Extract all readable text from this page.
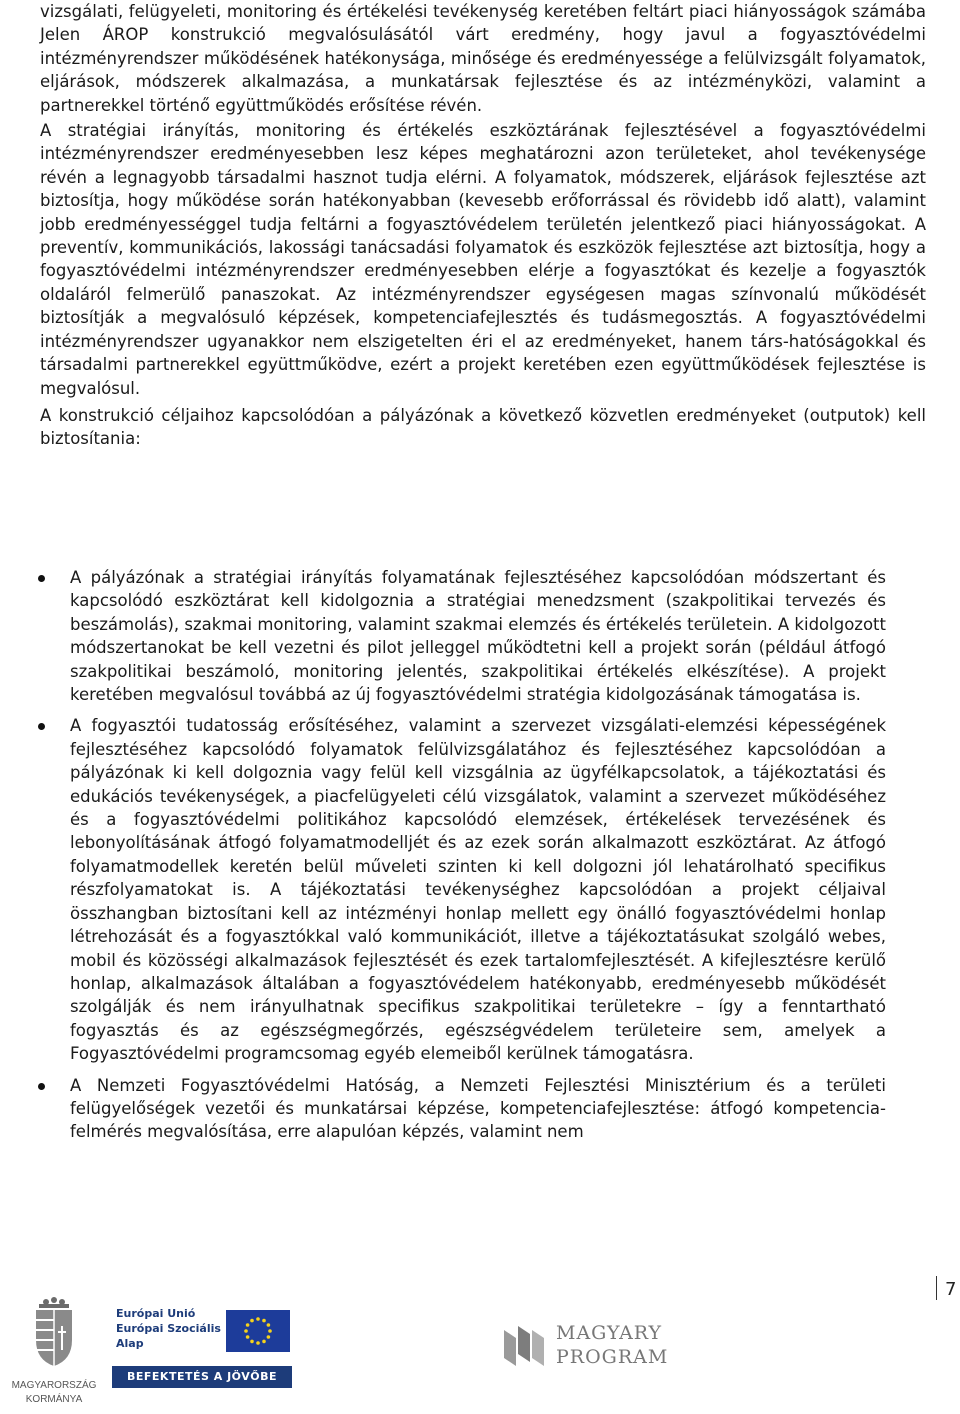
vizsgálati, felügyeleti, monitoring és értékelési tevékenység keretében feltárt piaci hiányosságok számába Jelen ÁROP konstrukció megvalósulásától várt eredmény, hogy javul a fogyasztóvédelmi intézményrendszer működésének hatékonysága, minősége és eredményessége a felülvizsgált folyamatok, eljárások, módszerek alkalmazása, a munkatársak fejlesztése és az intézményközi, valamint a partnerekkel történő együttműködés erősítése révén.

A stratégiai irányítás, monitoring és értékelés eszköztárának fejlesztésével a fogyasztóvédelmi intézményrendszer eredményesebben lesz képes meghatározni azon területeket, ahol tevékenysége révén a legnagyobb társadalmi hasznot tudja elérni. A folyamatok, módszerek, eljárások fejlesztése azt biztosítja, hogy működése során hatékonyabban (kevesebb erőforrással és rövidebb idő alatt), valamint jobb eredményességgel tudja feltárni a fogyasztóvédelem területén jelentkező piaci hiányosságokat. A preventív, kommunikációs, lakossági tanácsadási folyamatok és eszközök fejlesztése azt biztosítja, hogy a fogyasztóvédelmi intézményrendszer eredményesebben elérje a fogyasztókat és kezelje a fogyasztók oldaláról felmerülő panaszokat. Az intézményrendszer egységesen magas színvonalú működését biztosítják a megvalósuló képzések, kompetenciafejlesztés és tudásmegosztás. A fogyasztóvédelmi intézményrendszer ugyanakkor nem elszigetelten éri el az eredményeket, hanem társ-hatóságokkal és társadalmi partnerekkel együttműködve, ezért a projekt keretében ezen együttműködések fejlesztése is megvalósul.

A konstrukció céljaihoz kapcsolódóan a pályázónak a következő közvetlen eredményeket (outputok) kell biztosítania:

A pályázónak a stratégiai irányítás folyamatának fejlesztéséhez kapcsolódóan módszertant és kapcsolódó eszköztárat kell kidolgoznia a stratégiai menedzsment (szakpolitikai tervezés és beszámolás), szakmai monitoring, valamint szakmai elemzés és értékelés területein. A kidolgozott módszertanokat be kell vezetni és pilot jelleggel működtetni kell a projekt során (például átfogó szakpolitikai beszámoló, monitoring jelentés, szakpolitikai értékelés elkészítése). A projekt keretében megvalósul továbbá az új fogyasztóvédelmi stratégia kidolgozásának támogatása is.

A fogyasztói tudatosság erősítéséhez, valamint a szervezet vizsgálati-elemzési képességének fejlesztéséhez kapcsolódó folyamatok felülvizsgálatához és fejlesztéséhez kapcsolódóan a pályázónak ki kell dolgoznia vagy felül kell vizsgálnia az ügyfélkapcsolatok, a tájékoztatási és edukációs tevékenységek, a piacfelügyeleti célú vizsgálatok, valamint a szervezet működéséhez és a fogyasztóvédelmi politikához kapcsolódó elemzések, értékelések tervezésének és lebonyolításának átfogó folyamatmodelljét és az ezek során alkalmazott eszköztárat. Az átfogó folyamatmodellek keretén belül műveleti szinten ki kell dolgozni jól lehatárolható specifikus részfolyamatokat is. A tájékoztatási tevékenységhez kapcsolódóan a projekt céljaival összhangban biztosítani kell az intézményi honlap mellett egy önálló fogyasztóvédelmi honlap létrehozását és a fogyasztókkal való kommunikációt, illetve a tájékoztatásukat szolgáló webes, mobil és közösségi alkalmazások fejlesztését és ezek tartalomfejlesztését. A kifejlesztésre kerülő honlap, alkalmazások általában a fogyasztóvédelem hatékonyabb, eredményesebb működését szolgálják és nem irányulhatnak specifikus szakpolitikai területekre – így a fenntartható fogyasztás és az egészségmegőrzés, egészségvédelem területeire sem, amelyek a Fogyasztóvédelmi programcsomag egyéb elemeiből kerülnek támogatásra.

A Nemzeti Fogyasztóvédelmi Hatóság, a Nemzeti Fejlesztési Minisztérium és a területi felügyelőségek vezetői és munkatársai képzése, kompetenciafejlesztése: átfogó kompetencia-felmérés megvalósítása, erre alapulóan képzés, valamint nem

7
MAGYARORSZÁG
KORMÁNYA
Európai Unió
Európai Szociális
Alap
BEFEKTETÉS A JÖVŐBE
MAGYARY
PROGRAM
